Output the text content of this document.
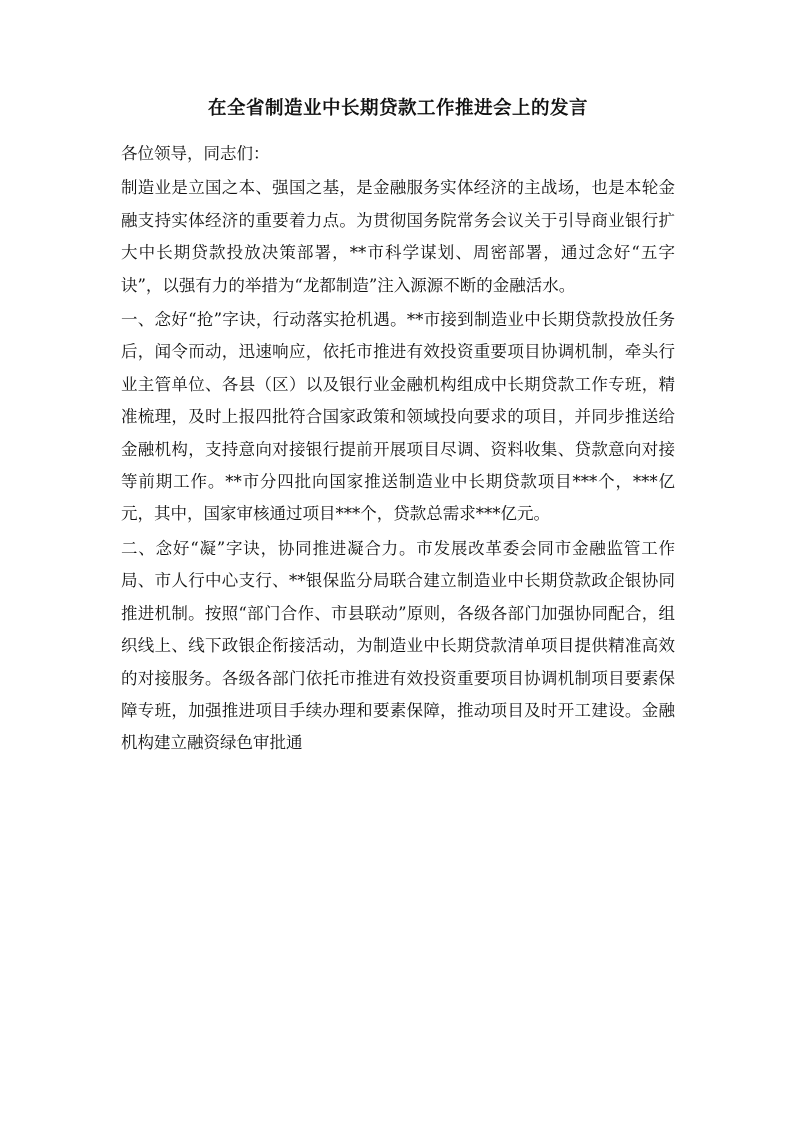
在全省制造业中长期贷款工作推进会上的发言

各位领导，同志们：

制造业是立国之本、强国之基，是金融服务实体经济的主战场，也是本轮金融支持实体经济的重要着力点。为贯彻国务院常务会议关于引导商业银行扩大中长期贷款投放决策部署，**市科学谋划、周密部署，通过念好“五字诀”，以强有力的举措为“龙都制造”注入源源不断的金融活水。

一、念好“抢”字诀，行动落实抢机遇。**市接到制造业中长期贷款投放任务后，闻令而动，迅速响应，依托市推进有效投资重要项目协调机制，牵头行业主管单位、各县（区）以及银行业金融机构组成中长期贷款工作专班，精准梳理，及时上报四批符合国家政策和领域投向要求的项目，并同步推送给金融机构，支持意向对接银行提前开展项目尽调、资料收集、贷款意向对接等前期工作。**市分四批向国家推送制造业中长期贷款项目***个，***亿元，其中，国家审核通过项目***个，贷款总需求***亿元。

二、念好“凝”字诀，协同推进凝合力。市发展改革委会同市金融监管工作局、市人行中心支行、**银保监分局联合建立制造业中长期贷款政企银协同推进机制。按照“部门合作、市县联动”原则，各级各部门加强协同配合，组织线上、线下政银企衔接活动，为制造业中长期贷款清单项目提供精准高效的对接服务。各级各部门依托市推进有效投资重要项目协调机制项目要素保障专班，加强推进项目手续办理和要素保障，推动项目及时开工建设。金融机构建立融资绿色审批通
